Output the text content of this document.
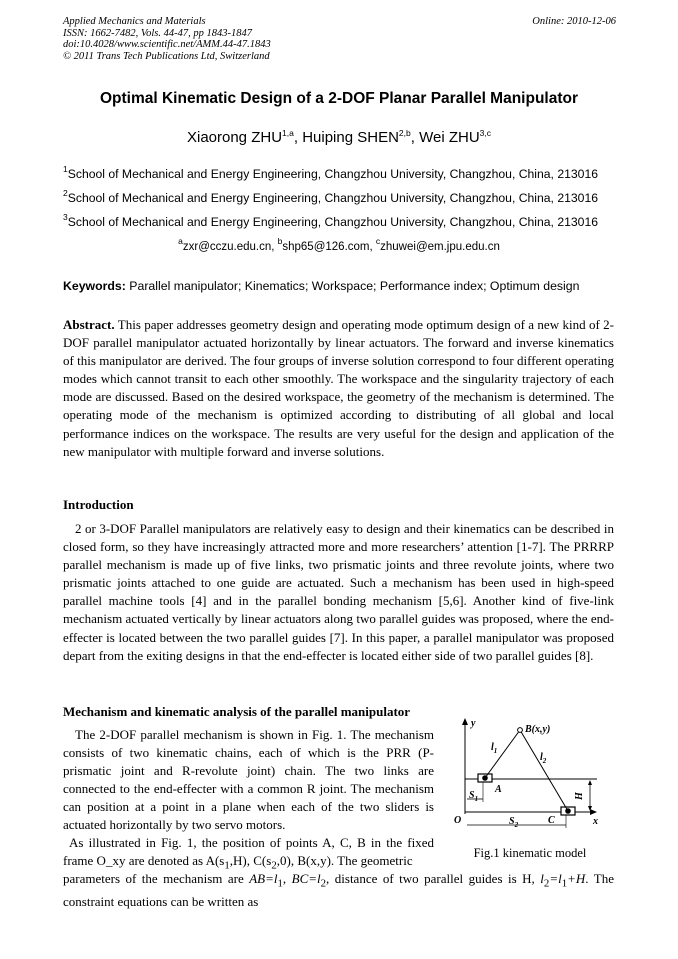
Applied Mechanics and Materials
ISSN: 1662-7482, Vols. 44-47, pp 1843-1847
doi:10.4028/www.scientific.net/AMM.44-47.1843
© 2011 Trans Tech Publications Ltd, Switzerland
Online: 2010-12-06
Optimal Kinematic Design of a 2-DOF Planar Parallel Manipulator
Xiaorong ZHU$^{1,a}$, Huiping SHEN$^{2,b}$, Wei ZHU$^{3,c}$
$^1$School of Mechanical and Energy Engineering, Changzhou University, Changzhou, China, 213016
$^2$School of Mechanical and Energy Engineering, Changzhou University, Changzhou, China, 213016
$^3$School of Mechanical and Energy Engineering, Changzhou University, Changzhou, China, 213016
$^a$zxr@cczu.edu.cn, $^b$shp65@126.com, $^c$zhuwei@em.jpu.edu.cn
Keywords: Parallel manipulator; Kinematics; Workspace; Performance index; Optimum design

Abstract. This paper addresses geometry design and operating mode optimum design of a new kind of 2-DOF parallel manipulator actuated horizontally by linear actuators. The forward and inverse kinematics of this manipulator are derived. The four groups of inverse solution correspond to four different operating modes which cannot transit to each other smoothly. The workspace and the singularity trajectory of each mode are discussed. Based on the desired workspace, the geometry of the mechanism is determined. The operating mode of the mechanism is optimized according to distributing of all global and local performance indices on the workspace. The results are very useful for the design and application of the new manipulator with multiple forward and inverse solutions.

Introduction

2 or 3-DOF Parallel manipulators are relatively easy to design and their kinematics can be described in closed form, so they have increasingly attracted more and more researchers’ attention [1-7]. The PRRRP parallel mechanism is made up of five links, two prismatic joints and three revolute joints, where two prismatic joints attached to one guide are actuated. Such a mechanism has been used in high-speed parallel machine tools [4] and in the parallel bonding mechanism [5,6]. Another kind of five-link mechanism actuated vertically by linear actuators along two parallel guides was proposed, where the end-effecter is located between the two parallel guides [7]. In this paper, a parallel manipulator was proposed depart from the exiting designs in that the end-effecter is located either side of two parallel guides [8].

Mechanism and kinematic analysis of the parallel manipulator

The 2-DOF parallel mechanism is shown in Fig. 1. The mechanism consists of two kinematic chains, each of which is the PRR (P-prismatic joint and R-revolute joint) chain. The two links are connected to the end-effecter with a common R joint. The mechanism can position at a point in a plane when each of the two sliders is actuated horizontally by two servo motors.

As illustrated in Fig. 1, the position of points A, C, B in the fixed frame O_xy are denoted as $A(s_1,H)$, $C(s_2,0)$, B(x,y). The geometric

parameters of the mechanism are $AB=l_1$, $BC=l_2$, distance of two parallel guides is H, $l_2=l_1+H$. The constraint equations can be written as

y
x
O
B(x,y)
A
C
$l_1$
$l_2$
$S_1$
$S_2$
H
Fig.1 kinematic model
